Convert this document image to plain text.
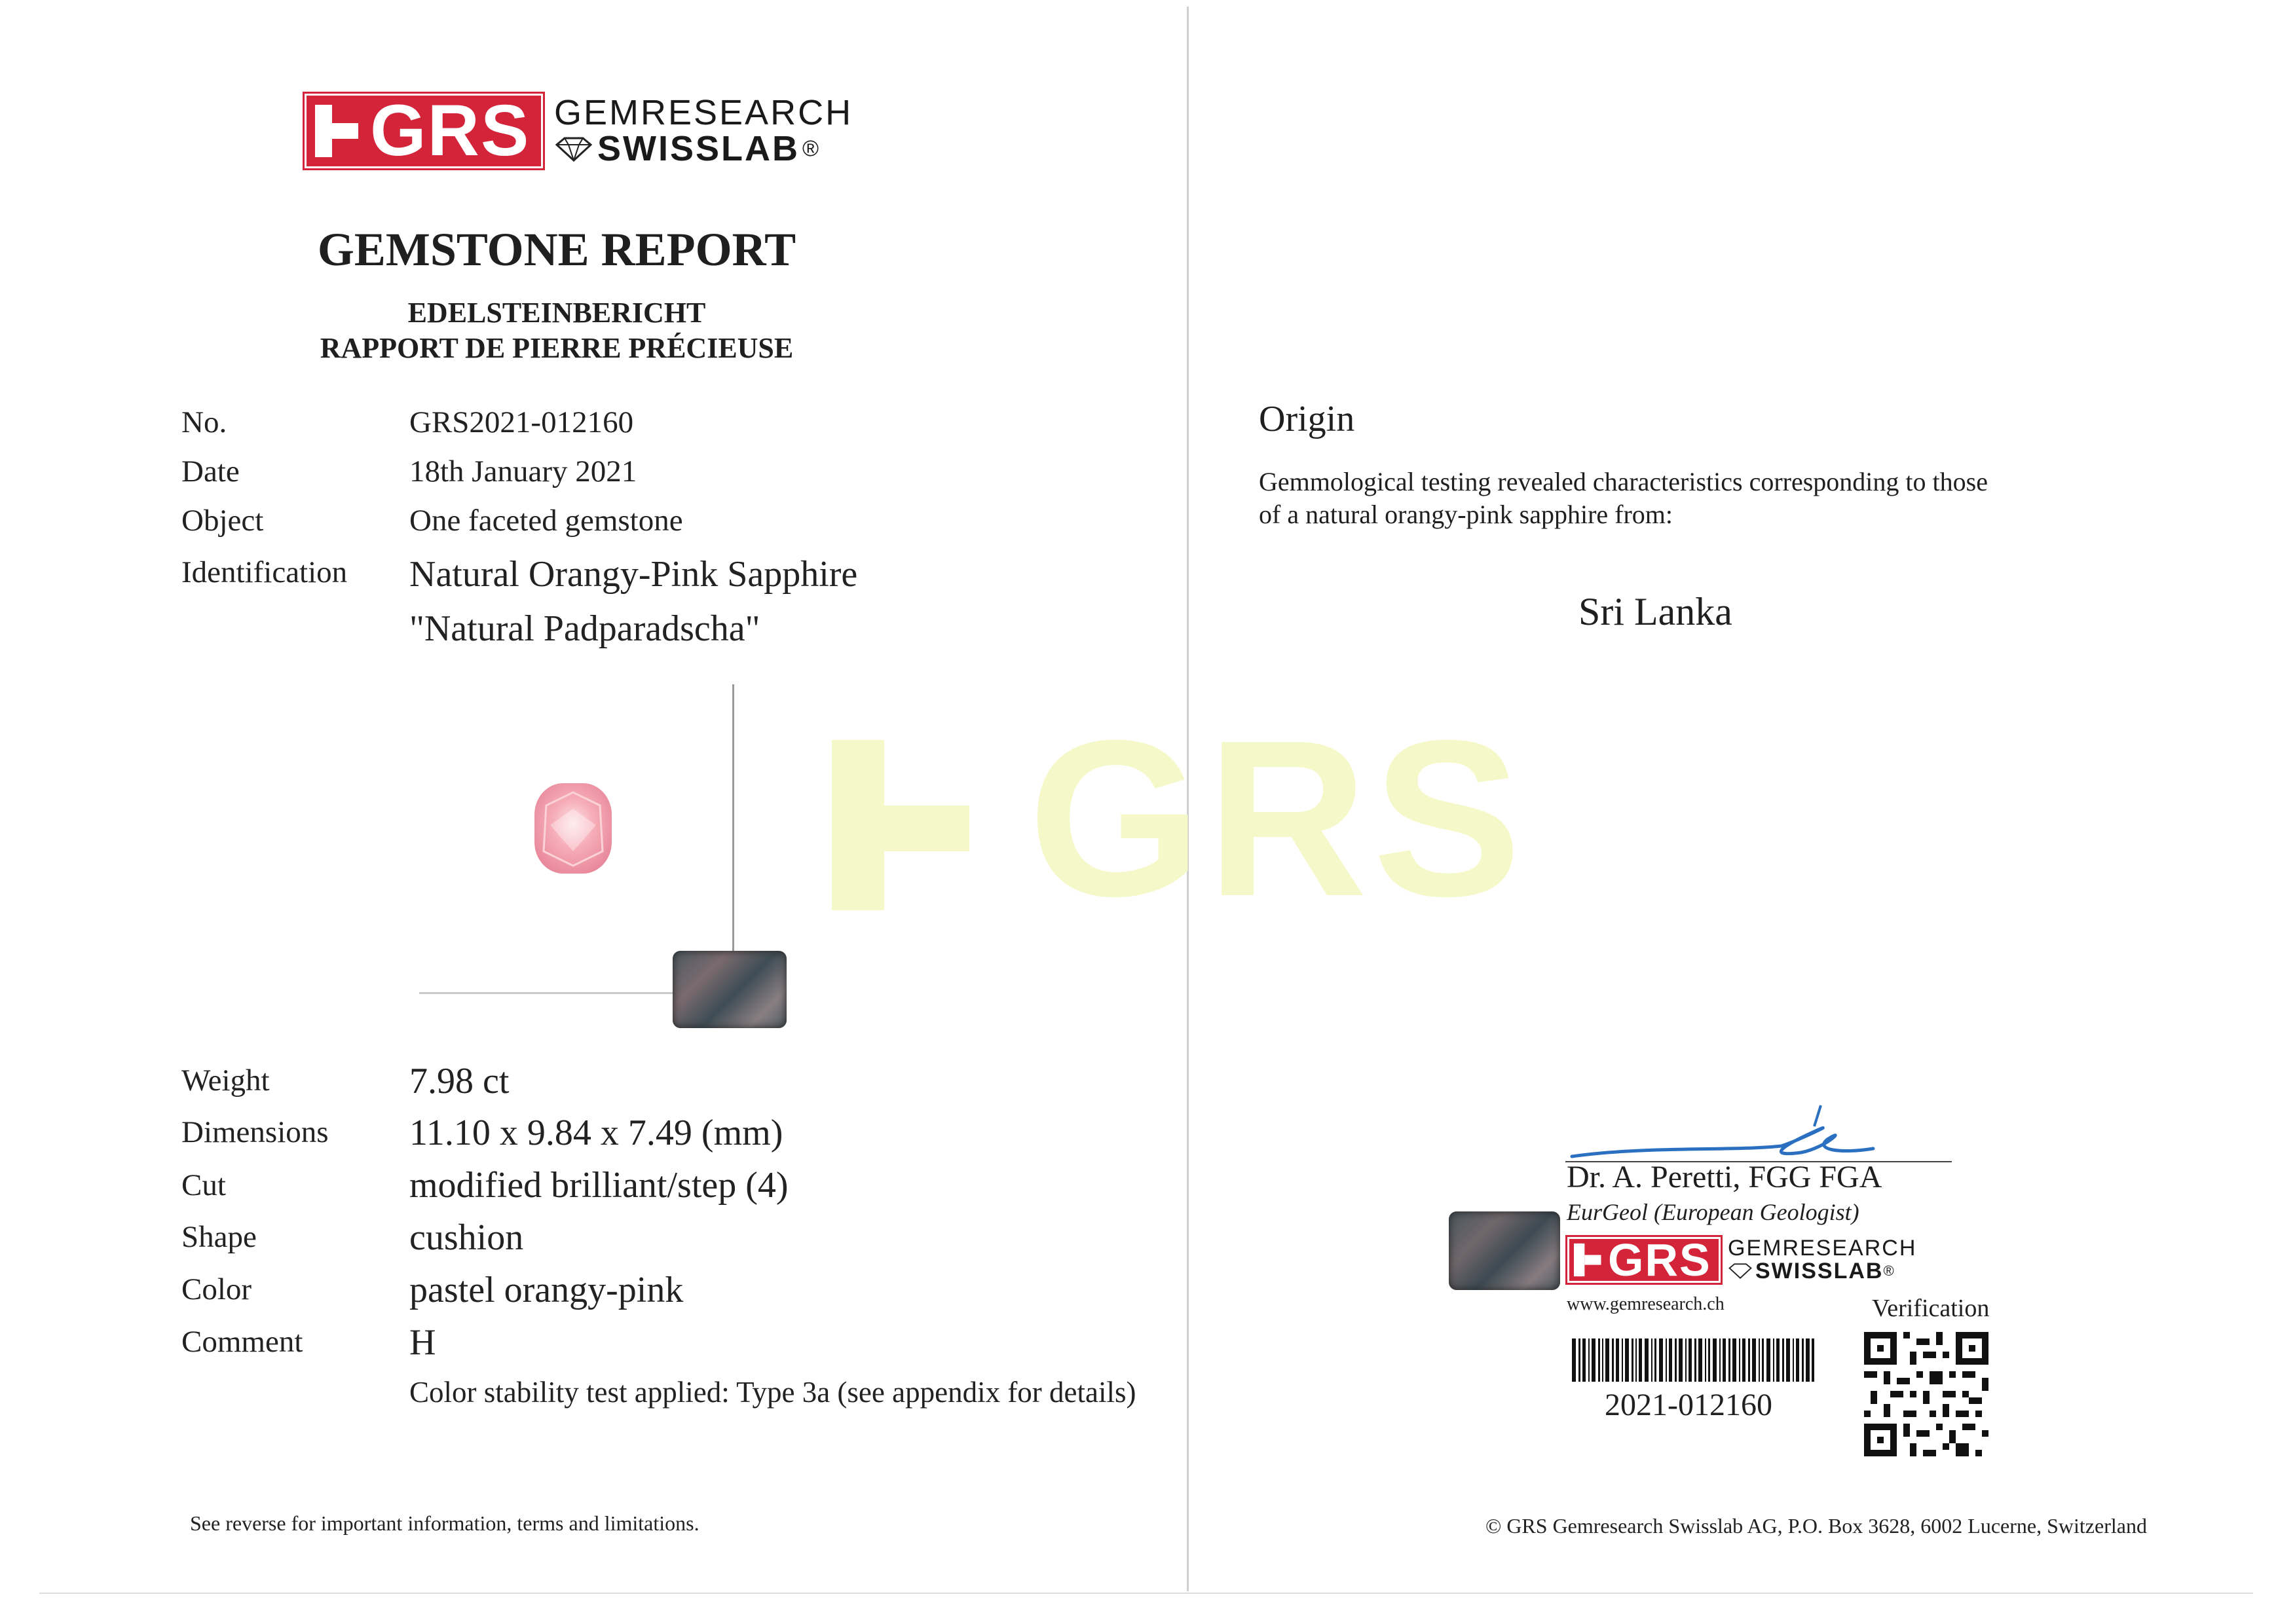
GRS
GRS GEMRESEARCH
SWISSLAB ®
GEMSTONE REPORT
EDELSTEINBERICHT
RAPPORT DE PIERRE PRÉCIEUSE
No.	GRS2021-012160
Date	18th January 2021
Object	One faceted gemstone
Identification Natural Orangy-Pink Sapphire
"Natural Padparadscha"
Weight	7.98 ct
Dimensions 11.10 x 9.84 x 7.49 (mm)
Cut	modified brilliant/step (4)
Shape	cushion
Color	pastel orangy-pink
Comment	H
Color stability test applied: Type 3a (see appendix for details)
See reverse for important information, terms and limitations.
Origin
Gemmological testing revealed characteristics corresponding to those
of a natural orangy-pink sapphire from:
Sri Lanka
Dr. A. Peretti, FGG FGA
EurGeol (European Geologist)
GRS GEMRESEARCH
SWISSLAB ®
www.gemresearch.ch	Verification
2021-012160
© GRS Gemresearch Swisslab AG, P.O. Box 3628, 6002 Lucerne, Switzerland
